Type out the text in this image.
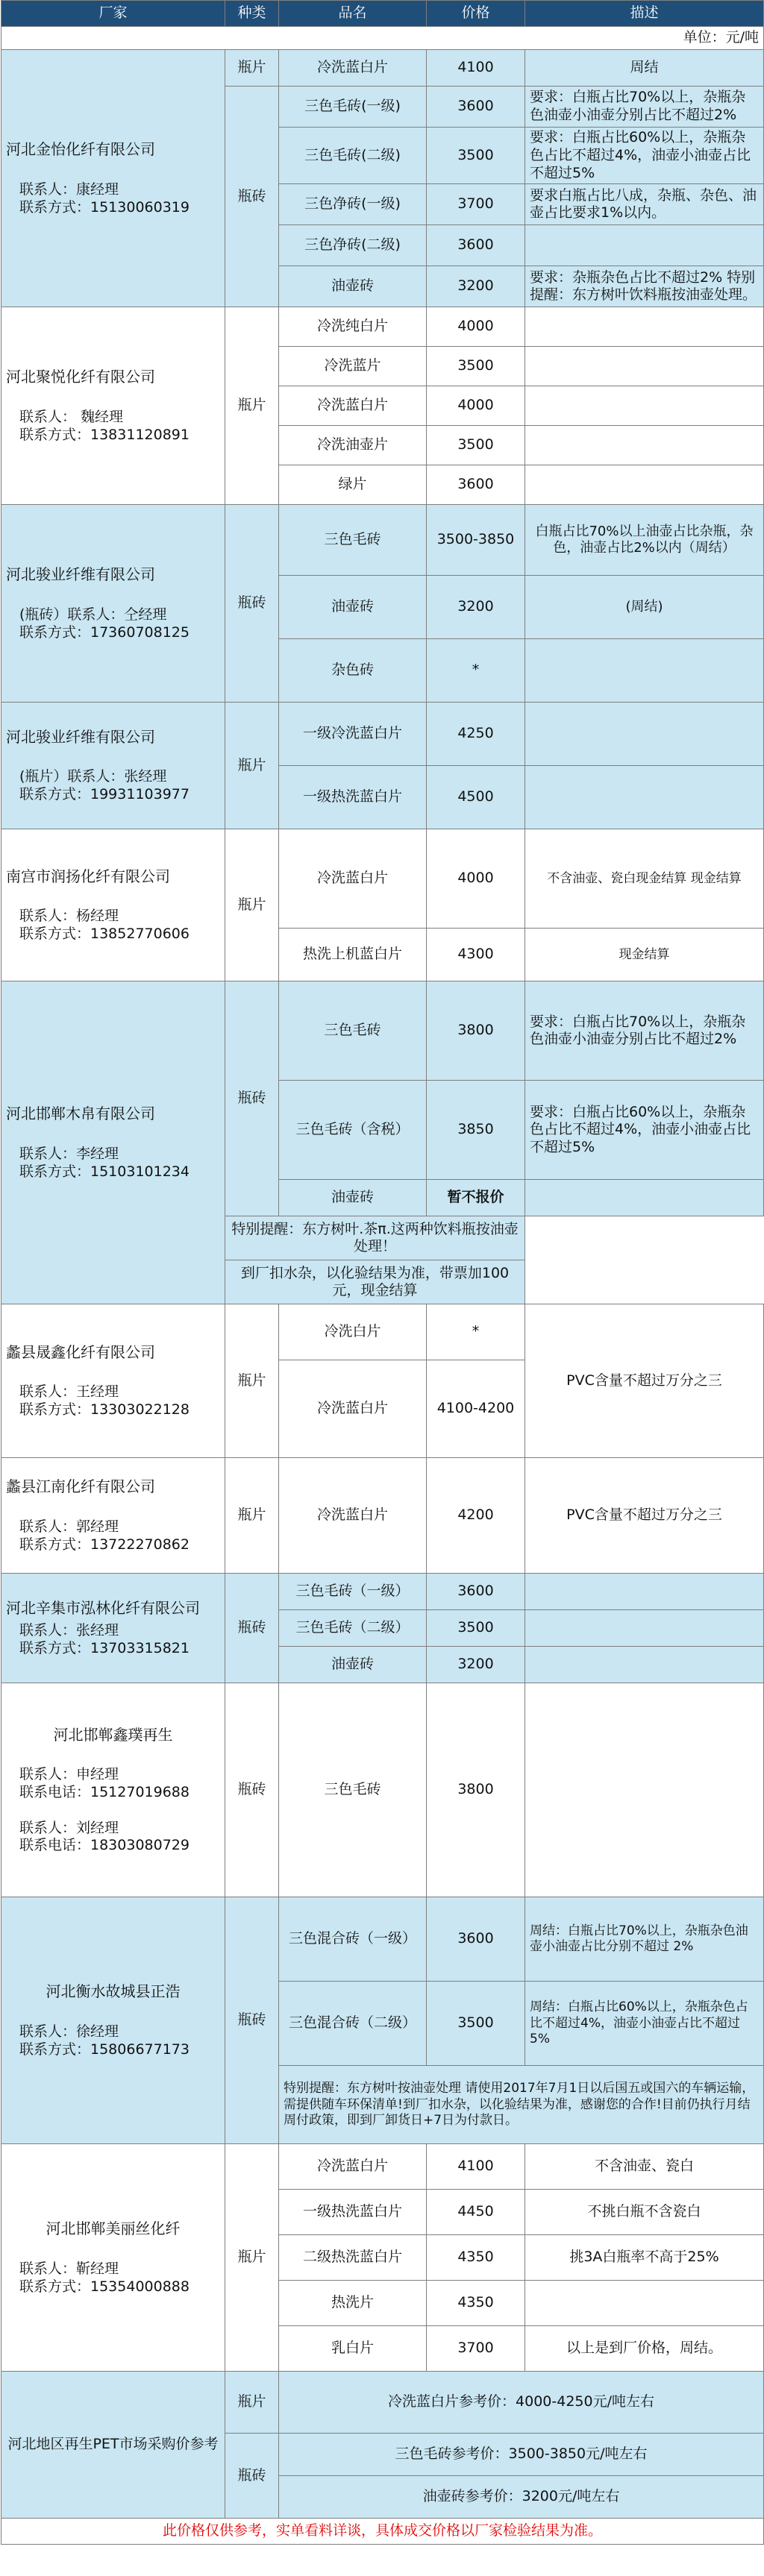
厂家	种类	品名	价格	描述
单位：元/吨				

河北金怡化纤有限公司

联系人：康经理
联系方式：15130060319	瓶片	冷洗蓝白片	4100	周结
	瓶砖	三色毛砖(一级)	3600	要求：白瓶占比70%以上，杂瓶杂色油壶小油壶分别占比不超过2%
		三色毛砖(二级)	3500	要求：白瓶占比60%以上，杂瓶杂色占比不超过4%，油壶小油壶占比不超过5%
		三色净砖(一级)	3700	要求白瓶占比八成，杂瓶、杂色、油壶占比要求1%以内。
		三色净砖(二级)	3600	
		油壶砖	3200	要求：杂瓶杂色占比不超过2% 特别提醒：东方树叶饮料瓶按油壶处理。

河北聚悦化纤有限公司

联系人： 魏经理
联系方式：13831120891	瓶片	冷洗纯白片	4000	
		冷洗蓝片	3500	
		冷洗蓝白片	4000	
		冷洗油壶片	3500	
		绿片	3600	

河北骏业纤维有限公司

(瓶砖）联系人：仝经理
联系方式：17360708125	瓶砖	三色毛砖	3500-3850	白瓶占比70%以上油壶占比杂瓶，杂色，油壶占比2%以内（周结）
		油壶砖	3200	(周结)
		杂色砖	*	

河北骏业纤维有限公司

(瓶片）联系人：张经理
联系方式：19931103977	瓶片	一级冷洗蓝白片	4250	
		一级热洗蓝白片	4500	

南宫市润扬化纤有限公司

联系人：杨经理
联系方式：13852770606	瓶片	冷洗蓝白片	4000	不含油壶、瓷白现金结算 现金结算
		热洗上机蓝白片	4300	现金结算

河北邯郸木帛有限公司

联系人：李经理
联系方式：15103101234	瓶砖	三色毛砖	3800	要求：白瓶占比70%以上，杂瓶杂色油壶小油壶分别占比不超过2%
		三色毛砖（含税）	3850	要求：白瓶占比60%以上，杂瓶杂色占比不超过4%，油壶小油壶占比不超过5%
		油壶砖	暂不报价	
	特别提醒：东方树叶.茶π.这两种饮料瓶按油壶处理！			
	到厂扣水杂，以化验结果为准，带票加100元，现金结算			

蠡县晟鑫化纤有限公司

联系人：王经理
联系方式：13303022128	瓶片	冷洗白片	*	PVC含量不超过万分之三
		冷洗蓝白片	4100-4200	

蠡县江南化纤有限公司

联系人：郭经理
联系方式：13722270862	瓶片	冷洗蓝白片	4200	PVC含量不超过万分之三

河北辛集市泓林化纤有限公司
联系人：张经理
联系方式：13703315821	瓶砖	三色毛砖（一级）	3600	
		三色毛砖（二级）	3500	
		油壶砖	3200	

河北邯郸鑫璞再生

联系人：申经理
联系电话：15127019688

联系人：刘经理
联系电话：18303080729	瓶砖	三色毛砖	3800	

河北衡水故城县正浩

联系人：徐经理
联系方式：15806677173	瓶砖	三色混合砖（一级）	3600	周结：白瓶占比70%以上，杂瓶杂色油壶小油壶占比分别不超过 2%
		三色混合砖（二级）	3500	周结：白瓶占比60%以上，杂瓶杂色占比不超过4%，油壶小油壶占比不超过 5%
		特别提醒：东方树叶按油壶处理 请使用2017年7月1日以后国五或国六的车辆运输，需提供随车环保清单!到厂扣水杂，以化验结果为准，感谢您的合作!目前仍执行月结周付政策，即到厂卸货日+7日为付款日。		

河北邯郸美丽丝化纤

联系人：靳经理
联系方式：15354000888	瓶片	冷洗蓝白片	4100	不含油壶、瓷白
		一级热洗蓝白片	4450	不挑白瓶不含瓷白
		二级热洗蓝白片	4350	挑3A白瓶率不高于25%
		热洗片	4350	
		乳白片	3700	以上是到厂价格，周结。
河北地区再生PET市场采购价参考	瓶片	冷洗蓝白片参考价：4000-4250元/吨左右		
	瓶砖	三色毛砖参考价：3500-3850元/吨左右		
		油壶砖参考价：3200元/吨左右		
此价格仅供参考，实单看料详谈，具体成交价格以厂家检验结果为准。				
